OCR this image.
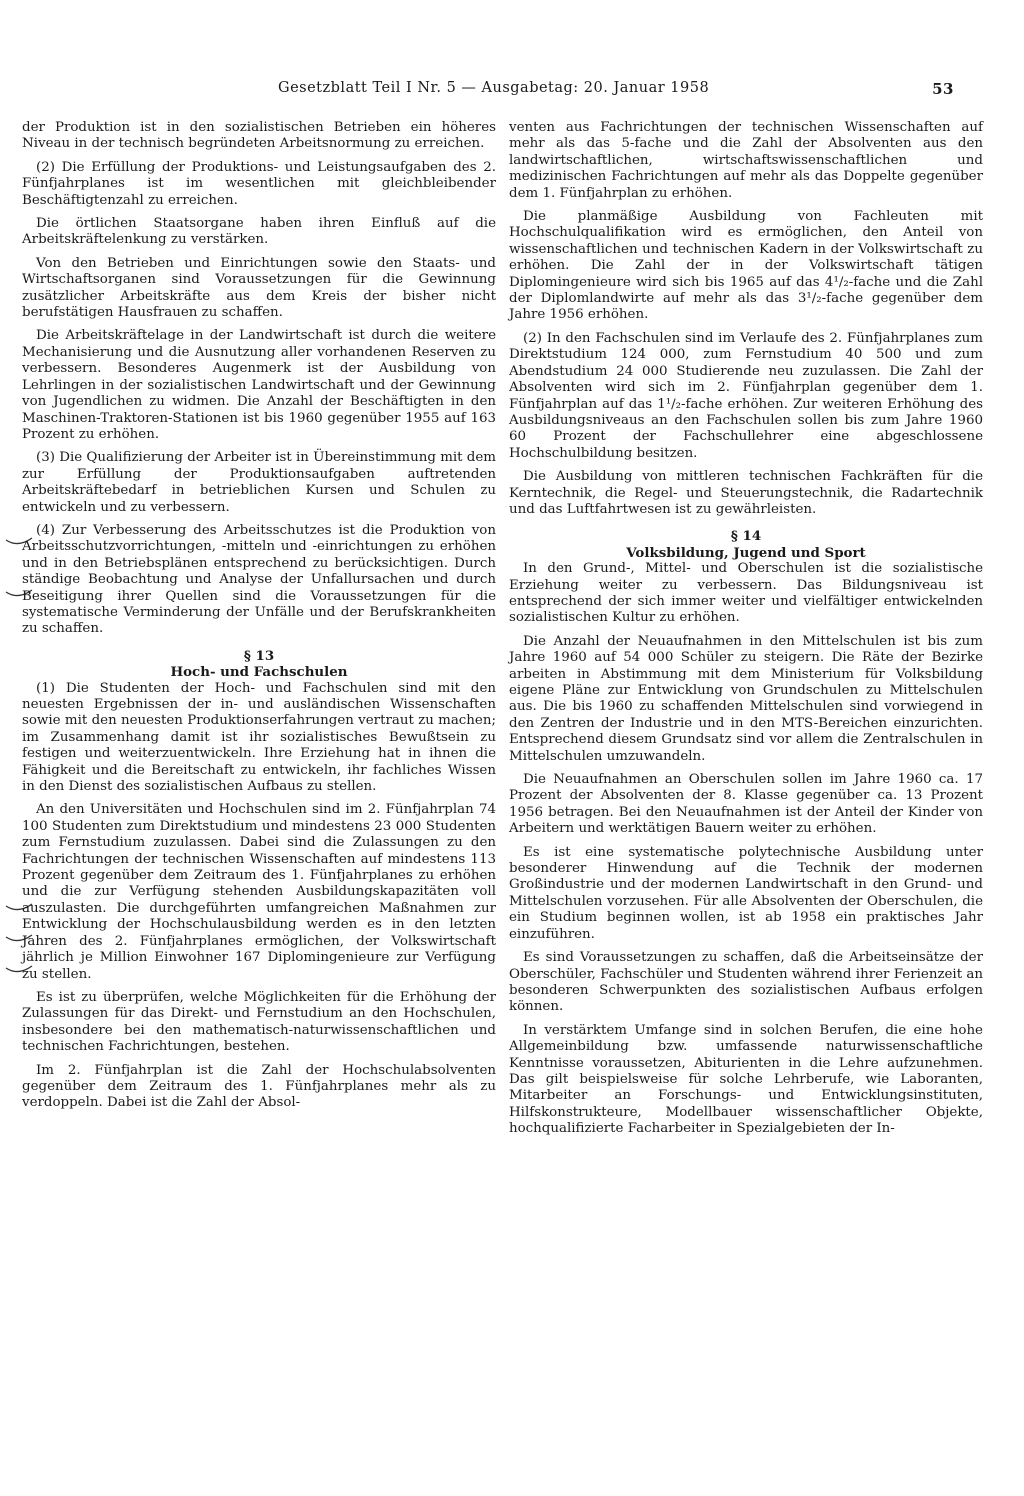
Gesetzblatt Teil I Nr. 5 — Ausgabetag: 20. Januar 1958	53

der Produktion ist in den sozialistischen Betrieben ein höheres Niveau in der technisch begründeten Arbeitsnormung zu erreichen.

(2) Die Erfüllung der Produktions- und Leistungsaufgaben des 2. Fünfjahrplanes ist im wesentlichen mit gleichbleibender Beschäftigtenzahl zu erreichen.

Die örtlichen Staatsorgane haben ihren Einfluß auf die Arbeitskräftelenkung zu verstärken.

Von den Betrieben und Einrichtungen sowie den Staats- und Wirtschaftsorganen sind Voraussetzungen für die Gewinnung zusätzlicher Arbeitskräfte aus dem Kreis der bisher nicht berufstätigen Hausfrauen zu schaffen.

Die Arbeitskräftelage in der Landwirtschaft ist durch die weitere Mechanisierung und die Ausnutzung aller vorhandenen Reserven zu verbessern. Besonderes Augenmerk ist der Ausbildung von Lehrlingen in der sozialistischen Landwirtschaft und der Gewinnung von Jugendlichen zu widmen. Die Anzahl der Beschäftigten in den Maschinen-Traktoren-Stationen ist bis 1960 gegenüber 1955 auf 163 Prozent zu erhöhen.

(3) Die Qualifizierung der Arbeiter ist in Übereinstimmung mit dem zur Erfüllung der Produktionsaufgaben auftretenden Arbeitskräftebedarf in betrieblichen Kursen und Schulen zu entwickeln und zu verbessern.

(4) Zur Verbesserung des Arbeitsschutzes ist die Produktion von Arbeitsschutzvorrichtungen, -mitteln und -einrichtungen zu erhöhen und in den Betriebsplänen entsprechend zu berücksichtigen. Durch ständige Beobachtung und Analyse der Unfallursachen und durch Beseitigung ihrer Quellen sind die Voraussetzungen für die systematische Verminderung der Unfälle und der Berufskrankheiten zu schaffen.

§ 13
Hoch- und Fachschulen

(1) Die Studenten der Hoch- und Fachschulen sind mit den neuesten Ergebnissen der in- und ausländischen Wissenschaften sowie mit den neuesten Produktionserfahrungen vertraut zu machen; im Zusammenhang damit ist ihr sozialistisches Bewußtsein zu festigen und weiterzuentwickeln. Ihre Erziehung hat in ihnen die Fähigkeit und die Bereitschaft zu entwickeln, ihr fachliches Wissen in den Dienst des sozialistischen Aufbaus zu stellen.

An den Universitäten und Hochschulen sind im 2. Fünfjahrplan 74 100 Studenten zum Direktstudium und mindestens 23 000 Studenten zum Fernstudium zuzulassen. Dabei sind die Zulassungen zu den Fachrichtungen der technischen Wissenschaften auf mindestens 113 Prozent gegenüber dem Zeitraum des 1. Fünfjahrplanes zu erhöhen und die zur Verfügung stehenden Ausbildungskapazitäten voll auszulasten. Die durchgeführten umfangreichen Maßnahmen zur Entwicklung der Hochschulausbildung werden es in den letzten Jahren des 2. Fünfjahrplanes ermöglichen, der Volkswirtschaft jährlich je Million Einwohner 167 Diplomingenieure zur Verfügung zu stellen.

Es ist zu überprüfen, welche Möglichkeiten für die Erhöhung der Zulassungen für das Direkt- und Fernstudium an den Hochschulen, insbesondere bei den mathematisch-naturwissenschaftlichen und technischen Fachrichtungen, bestehen.

Im 2. Fünfjahrplan ist die Zahl der Hochschulabsolventen gegenüber dem Zeitraum des 1. Fünfjahrplanes mehr als zu verdoppeln. Dabei ist die Zahl der Absol-

venten aus Fachrichtungen der technischen Wissenschaften auf mehr als das 5-fache und die Zahl der Absolventen aus den landwirtschaftlichen, wirtschaftswissenschaftlichen und medizinischen Fachrichtungen auf mehr als das Doppelte gegenüber dem 1. Fünfjahrplan zu erhöhen.

Die planmäßige Ausbildung von Fachleuten mit Hochschulqualifikation wird es ermöglichen, den Anteil von wissenschaftlichen und technischen Kadern in der Volkswirtschaft zu erhöhen. Die Zahl der in der Volkswirtschaft tätigen Diplomingenieure wird sich bis 1965 auf das 4¹/₂-fache und die Zahl der Diplomlandwirte auf mehr als das 3¹/₂-fache gegenüber dem Jahre 1956 erhöhen.

(2) In den Fachschulen sind im Verlaufe des 2. Fünfjahrplanes zum Direktstudium 124 000, zum Fernstudium 40 500 und zum Abendstudium 24 000 Studierende neu zuzulassen. Die Zahl der Absolventen wird sich im 2. Fünfjahrplan gegenüber dem 1. Fünfjahrplan auf das 1¹/₂-fache erhöhen. Zur weiteren Erhöhung des Ausbildungsniveaus an den Fachschulen sollen bis zum Jahre 1960 60 Prozent der Fachschullehrer eine abgeschlossene Hochschulbildung besitzen.

Die Ausbildung von mittleren technischen Fachkräften für die Kerntechnik, die Regel- und Steuerungstechnik, die Radartechnik und das Luftfahrtwesen ist zu gewährleisten.

§ 14
Volksbildung, Jugend und Sport

In den Grund-, Mittel- und Oberschulen ist die sozialistische Erziehung weiter zu verbessern. Das Bildungsniveau ist entsprechend der sich immer weiter und vielfältiger entwickelnden sozialistischen Kultur zu erhöhen.

Die Anzahl der Neuaufnahmen in den Mittelschulen ist bis zum Jahre 1960 auf 54 000 Schüler zu steigern. Die Räte der Bezirke arbeiten in Abstimmung mit dem Ministerium für Volksbildung eigene Pläne zur Entwicklung von Grundschulen zu Mittelschulen aus. Die bis 1960 zu schaffenden Mittelschulen sind vorwiegend in den Zentren der Industrie und in den MTS-Bereichen einzurichten. Entsprechend diesem Grundsatz sind vor allem die Zentralschulen in Mittelschulen umzuwandeln.

Die Neuaufnahmen an Oberschulen sollen im Jahre 1960 ca. 17 Prozent der Absolventen der 8. Klasse gegenüber ca. 13 Prozent 1956 betragen. Bei den Neuaufnahmen ist der Anteil der Kinder von Arbeitern und werktätigen Bauern weiter zu erhöhen.

Es ist eine systematische polytechnische Ausbildung unter besonderer Hinwendung auf die Technik der modernen Großindustrie und der modernen Landwirtschaft in den Grund- und Mittelschulen vorzusehen. Für alle Absolventen der Oberschulen, die ein Studium beginnen wollen, ist ab 1958 ein praktisches Jahr einzuführen.

Es sind Voraussetzungen zu schaffen, daß die Arbeitseinsätze der Oberschüler, Fachschüler und Studenten während ihrer Ferienzeit an besonderen Schwerpunkten des sozialistischen Aufbaus erfolgen können.

In verstärktem Umfange sind in solchen Berufen, die eine hohe Allgemeinbildung bzw. umfassende naturwissenschaftliche Kenntnisse voraussetzen, Abiturienten in die Lehre aufzunehmen. Das gilt beispielsweise für solche Lehrberufe, wie Laboranten, Mitarbeiter an Forschungs- und Entwicklungsinstituten, Hilfskonstrukteure, Modellbauer wissenschaftlicher Objekte, hochqualifizierte Facharbeiter in Spezialgebieten der In-
